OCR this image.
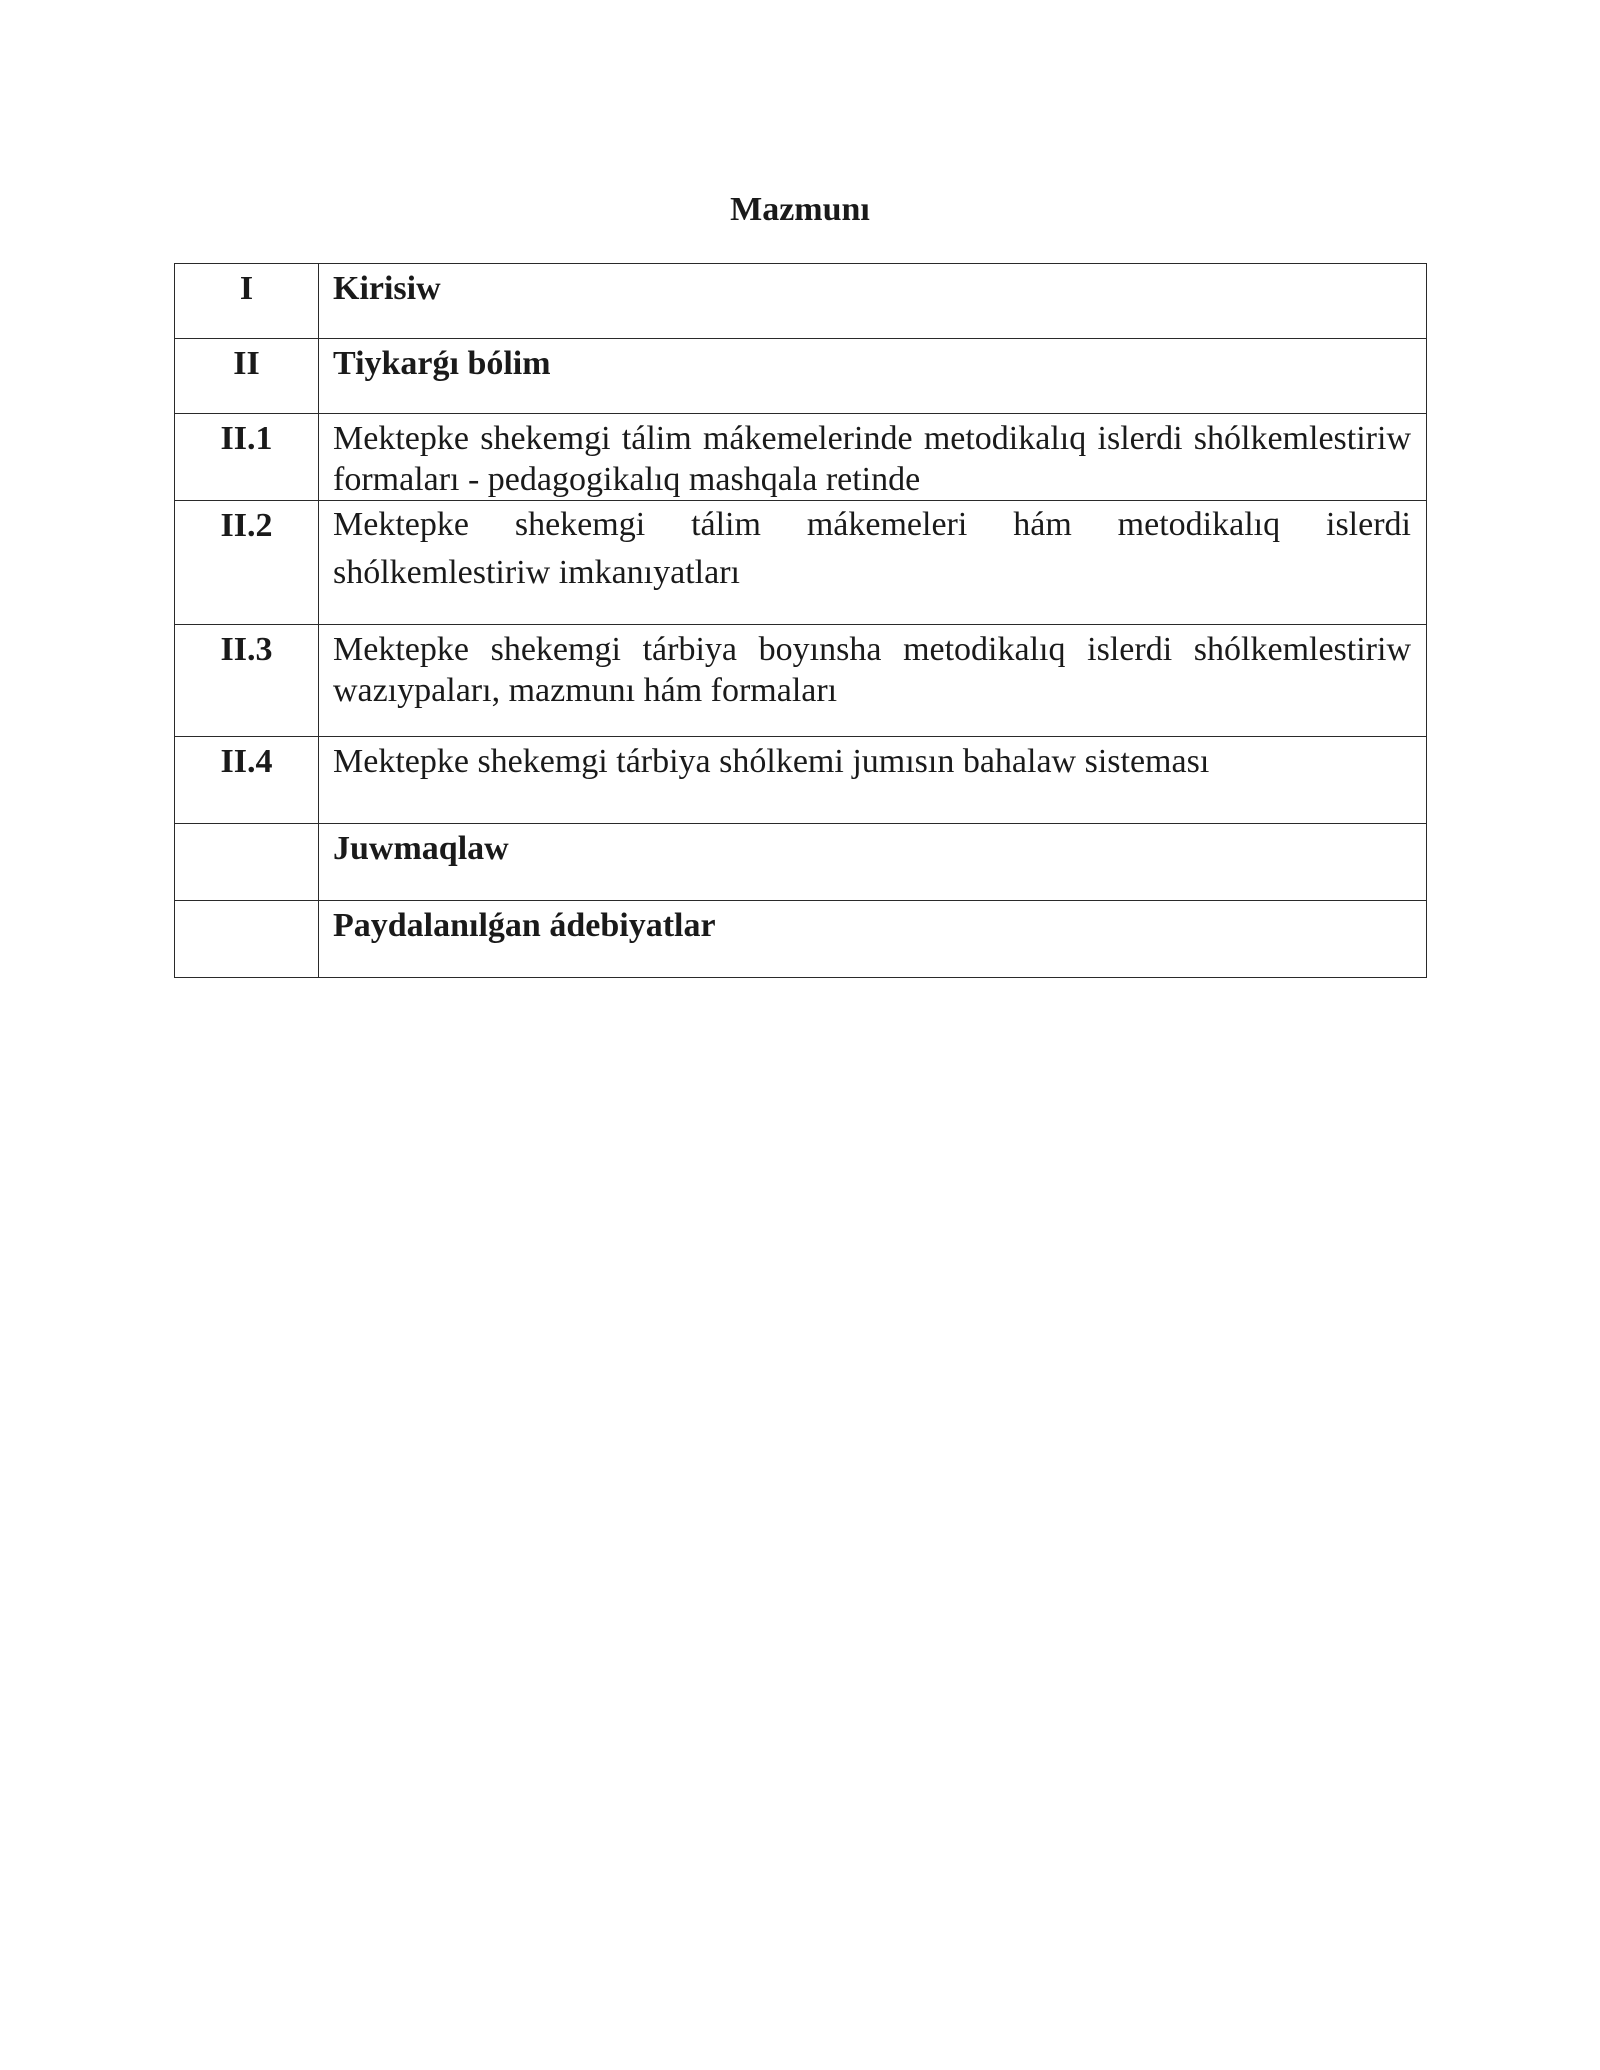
Mazmunı
I	Kirisiw
II	Tiykarǵı bólim
II.1	Mektepke shekemgi tálim mákemelerinde metodikalıq islerdi shólkemlestiriw formaları - pedagogikalıq mashqala retinde
II.2	Mektepke shekemgi tálim mákemeleri hám metodikalıq islerdi shólkemlestiriw imkanıyatları
II.3	Mektepke shekemgi tárbiya boyınsha metodikalıq islerdi shólkemlestiriw wazıypaları, mazmunı hám formaları
II.4	Mektepke shekemgi tárbiya shólkemi jumısın bahalaw sisteması
	Juwmaqlaw
	Paydalanılǵan ádebiyatlar
